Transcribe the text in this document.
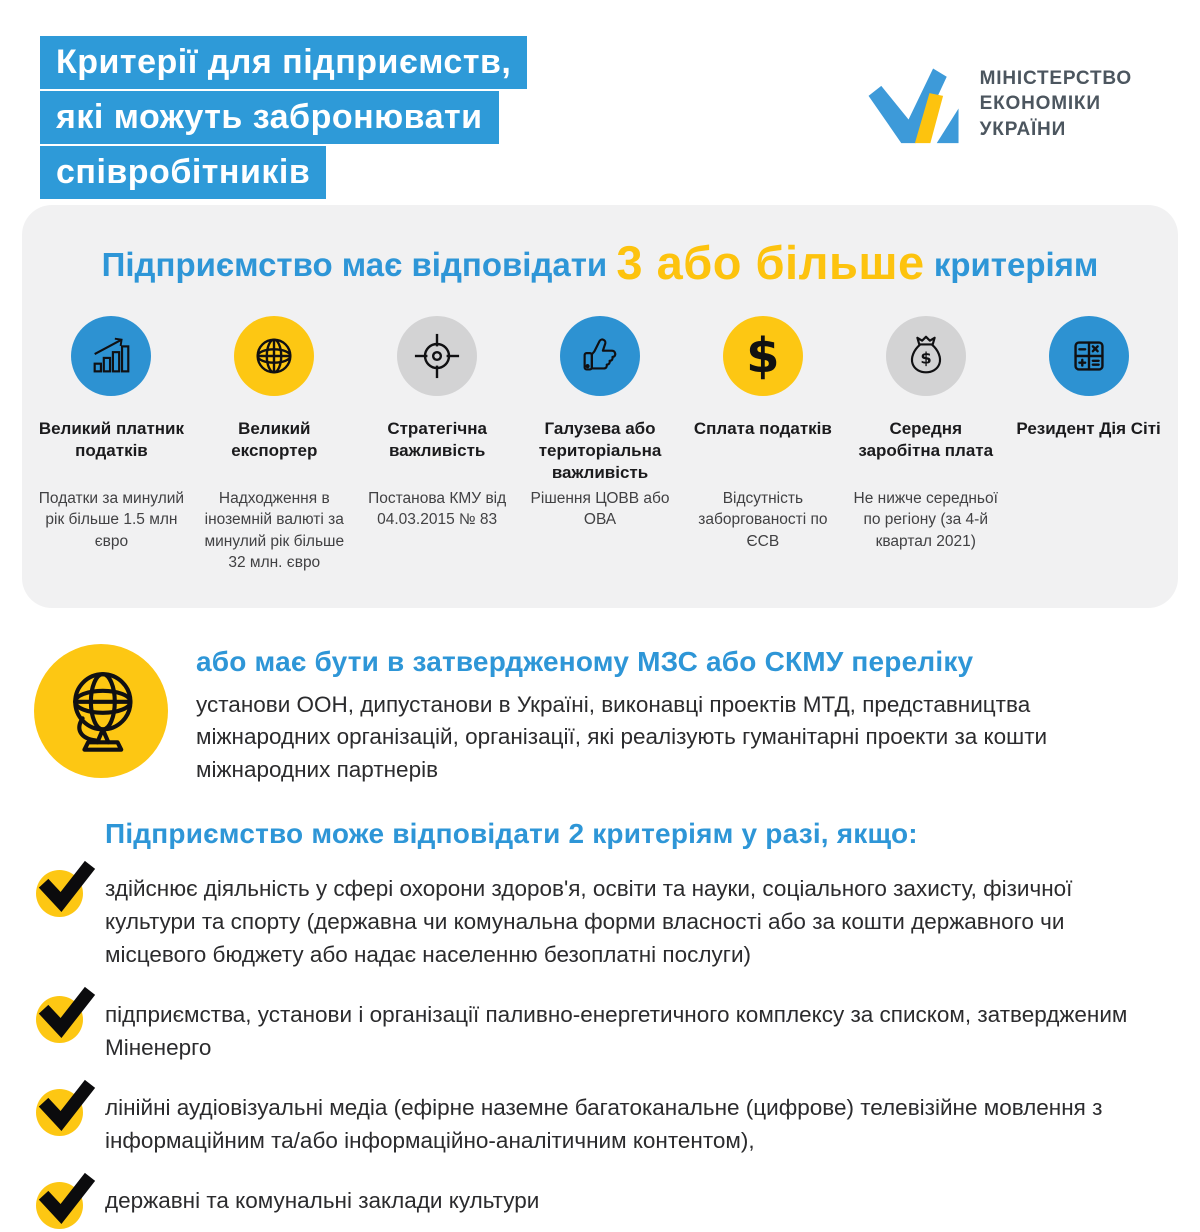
Критерії для підприємств,
які можуть забронювати
співробітників
МІНІСТЕРСТВО
ЕКОНОМІКИ
УКРАЇНИ
Підприємство має відповідати 3 або більше критеріям
Великий платник податків
Податки за минулий рік більше 1.5 млн євро
Великий експортер
Надходження в іноземній валюті за минулий рік більше 32 млн. євро
Стратегічна важливість
Постанова КМУ від 04.03.2015 № 83
Галузева або територіальна важливість
Рішення ЦОВВ або ОВА
$
Сплата податків
Відсутність заборгованості по ЄСВ
$
Середня заробітна плата
Не нижче середньої по регіону (за 4-й квартал 2021)
Резидент Дія Сіті
або має бути в затвердженому МЗС або СКМУ переліку
установи ООН, дипустанови в Україні, виконавці проектів МТД, представництва міжнародних організацій, організації, які реалізують гуманітарні проекти за кошти міжнародних партнерів
Підприємство може відповідати 2 критеріям у разі, якщо:
здійснює діяльність у сфері охорони здоров'я, освіти та науки, соціального захисту, фізичної культури та спорту (державна чи комунальна форми власності або за кошти державного чи місцевого бюджету або надає населенню безоплатні послуги)
підприємства, установи і організації паливно-енергетичного комплексу за списком, затвердженим Міненерго
лінійні аудіовізуальні медіа (ефірне наземне багатоканальне (цифрове) телевізійне мовлення з інформаційним та/або інформаційно-аналітичним контентом),
державні та комунальні заклади культури
